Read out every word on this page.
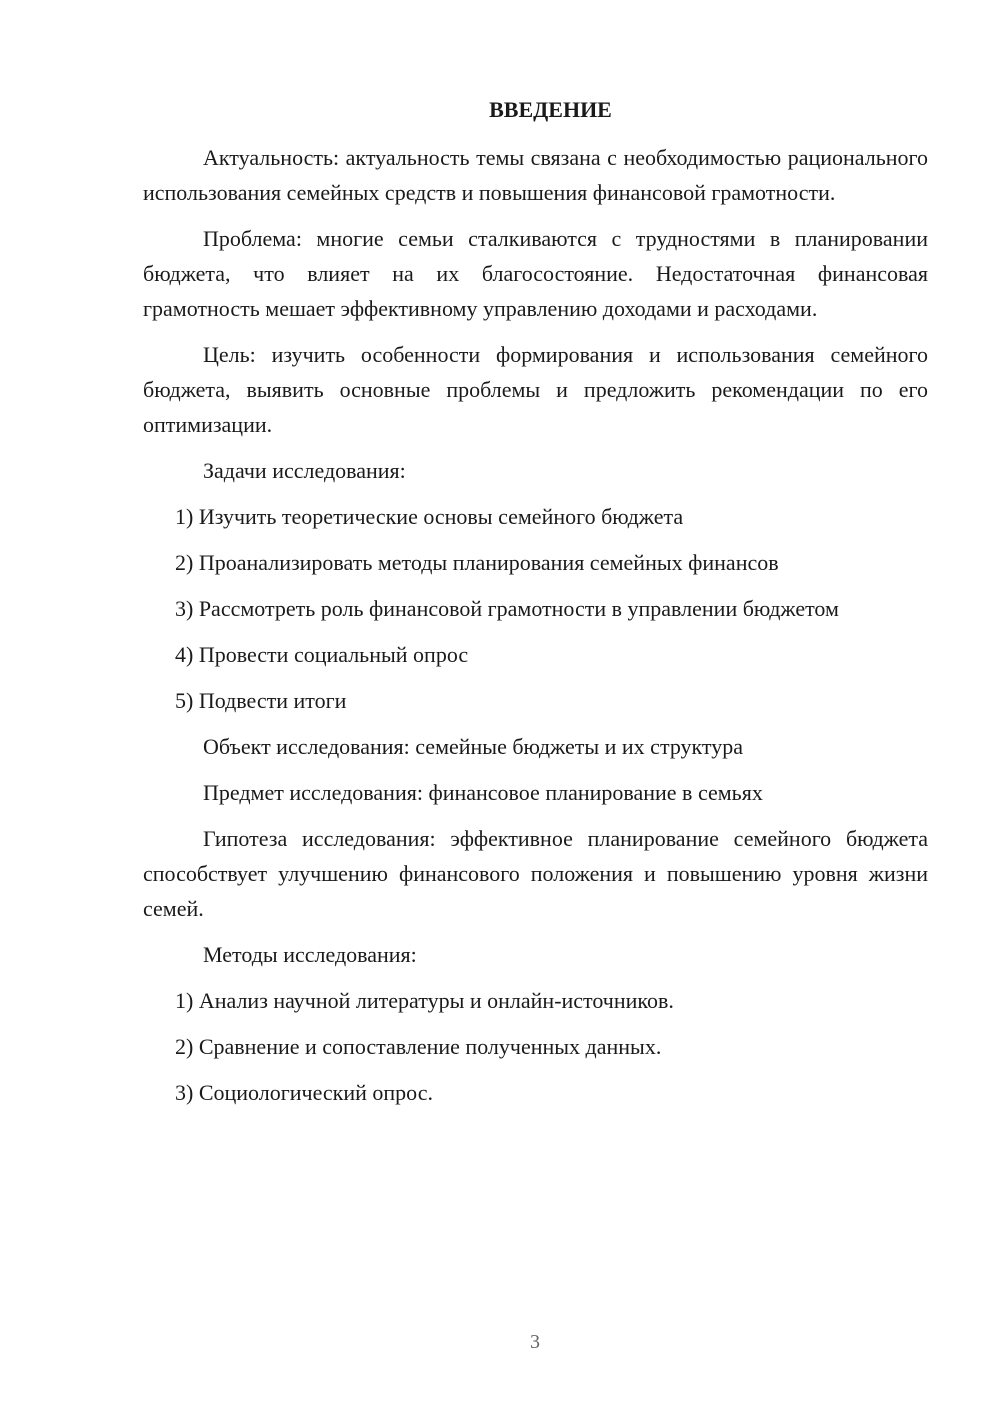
ВВЕДЕНИЕ

Актуальность: актуальность темы связана с необходимостью рационального использования семейных средств и повышения финансовой грамотности.

Проблема: многие семьи сталкиваются с трудностями в планировании бюджета, что влияет на их благосостояние. Недостаточная финансовая грамотность мешает эффективному управлению доходами и расходами.

Цель: изучить особенности формирования и использования семейного бюджета, выявить основные проблемы и предложить рекомендации по его оптимизации.

Задачи исследования:

1) Изучить теоретические основы семейного бюджета

2) Проанализировать методы планирования семейных финансов

3) Рассмотреть роль финансовой грамотности в управлении бюджетом

4) Провести социальный опрос

5) Подвести итоги

Объект исследования: семейные бюджеты и их структура

Предмет исследования: финансовое планирование в семьях

Гипотеза исследования: эффективное планирование семейного бюджета способствует улучшению финансового положения и повышению уровня жизни семей.

Методы исследования:

1) Анализ научной литературы и онлайн-источников.

2) Сравнение и сопоставление полученных данных.

3) Социологический опрос.

3
